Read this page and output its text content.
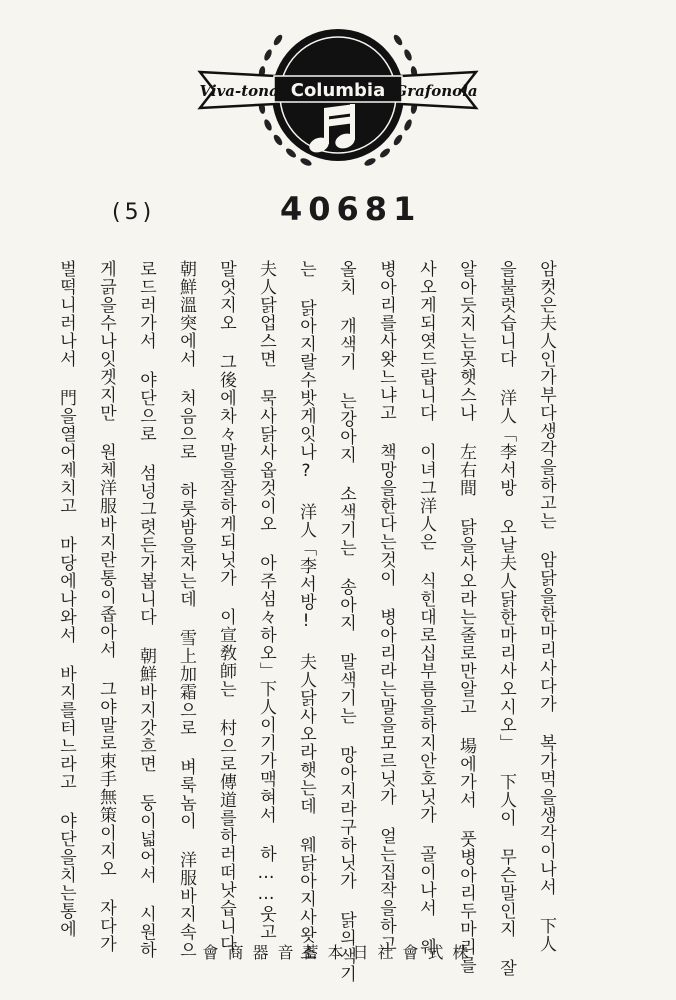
Viva-tonal Columbia Grafonola
(5)	40681
암컷은夫人인가부다생각을하고는 암닭을한마리사다가 복가먹을생각이나서 下人
을불럿습니다 洋人「李서방 오날夫人닭한마리사오시오」 下人이 무슨말인지 잘
알아듯지는못햇스나 左右間 닭을사오라는줄로만알고 場에가서 풋병아리두마리를
사오게되엿드랍니다 이녀그洋人은 식힌대로십부름을하지안호닛가 골이나서 웨
병아리를사왓느냐고 책망을한다는것이 병아리라는말을모르닛가 얼는집작을하고
올치 개색기 는강아지 소색기는 송아지 말색기는 망아지라구하닛가 닭의색기
는 닭아지랄수밧게잇나? 洋人「李서방! 夫人닭사오라햇는데 웨닭아지사왓소
夫人닭업스면 묵사닭사옵것이오 아주섬々하오」下人이기가맥혀서 하……웃고
말엇지오 그後에차々말을잘하게되닛가 이宣敎師는 村으로傳道를하러떠낫습니다
朝鮮溫突에서 처음으로 하룻밤을자는데 雪上加霜으로 벼룩놈이 洋服바지속으
로드러가서 야단으로 섬넝그렷든가봅니다 朝鮮바지갓흐면 둥이넓어서 시원하
게긁을수나잇겟지만 원체洋服바지란통이좁아서 그야말로束手無策이지오 자다가
벌떡니러나서 門을열어제치고 마당에나와서 바지를터느라고 야단을치는통에
株式會社日本蓄音器商會
